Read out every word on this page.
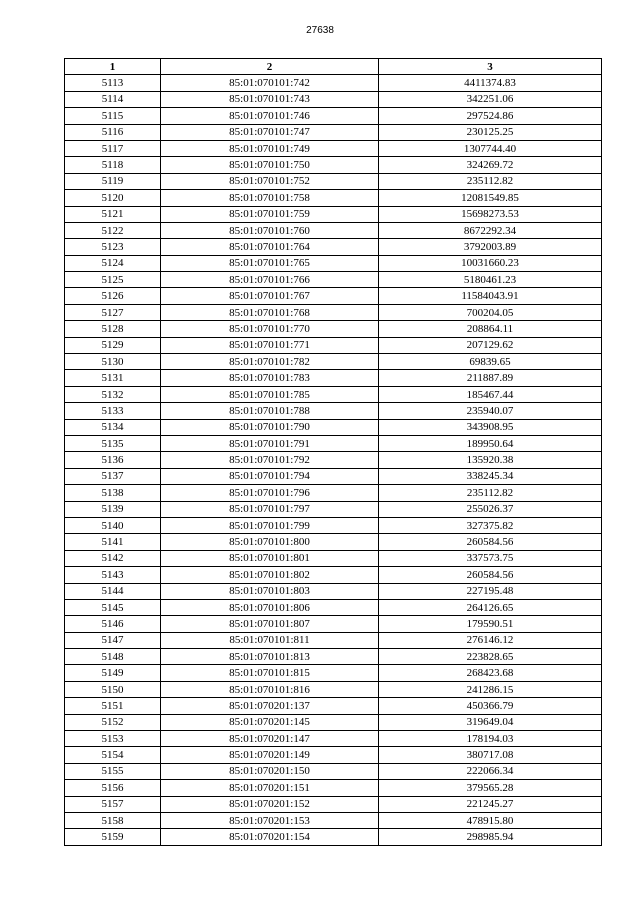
27638
1	2	3
5113	85:01:070101:742	4411374.83
5114	85:01:070101:743	342251.06
5115	85:01:070101:746	297524.86
5116	85:01:070101:747	230125.25
5117	85:01:070101:749	1307744.40
5118	85:01:070101:750	324269.72
5119	85:01:070101:752	235112.82
5120	85:01:070101:758	12081549.85
5121	85:01:070101:759	15698273.53
5122	85:01:070101:760	8672292.34
5123	85:01:070101:764	3792003.89
5124	85:01:070101:765	10031660.23
5125	85:01:070101:766	5180461.23
5126	85:01:070101:767	11584043.91
5127	85:01:070101:768	700204.05
5128	85:01:070101:770	208864.11
5129	85:01:070101:771	207129.62
5130	85:01:070101:782	69839.65
5131	85:01:070101:783	211887.89
5132	85:01:070101:785	185467.44
5133	85:01:070101:788	235940.07
5134	85:01:070101:790	343908.95
5135	85:01:070101:791	189950.64
5136	85:01:070101:792	135920.38
5137	85:01:070101:794	338245.34
5138	85:01:070101:796	235112.82
5139	85:01:070101:797	255026.37
5140	85:01:070101:799	327375.82
5141	85:01:070101:800	260584.56
5142	85:01:070101:801	337573.75
5143	85:01:070101:802	260584.56
5144	85:01:070101:803	227195.48
5145	85:01:070101:806	264126.65
5146	85:01:070101:807	179590.51
5147	85:01:070101:811	276146.12
5148	85:01:070101:813	223828.65
5149	85:01:070101:815	268423.68
5150	85:01:070101:816	241286.15
5151	85:01:070201:137	450366.79
5152	85:01:070201:145	319649.04
5153	85:01:070201:147	178194.03
5154	85:01:070201:149	380717.08
5155	85:01:070201:150	222066.34
5156	85:01:070201:151	379565.28
5157	85:01:070201:152	221245.27
5158	85:01:070201:153	478915.80
5159	85:01:070201:154	298985.94
